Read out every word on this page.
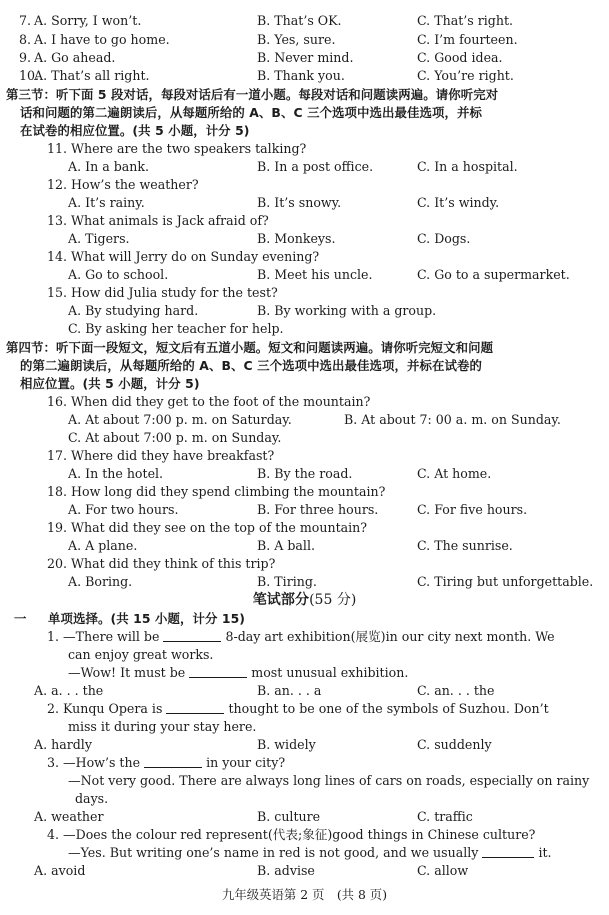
7. A. Sorry, I won’t.	B. That’s OK.	C. That’s right.
8. A. I have to go home.	B. Yes, sure.	C. I’m fourteen.
9. A. Go ahead.	B. Never mind.	C. Good idea.
10.
A. That’s all right.	B. Thank you.	C. You’re right.
第三节：听下面 5 段对话，每段对话后有一道小题。每段对话和问题读两遍。请你听完对
话和问题的第二遍朗读后，从每题所给的 A、B、C 三个选项中选出最佳选项，并标
在试卷的相应位置。(共 5 小题，计分 5)
11. Where are the two speakers talking?
A. In a bank.	B. In a post office.	C. In a hospital.
12. How’s the weather?
A. It’s rainy.	B. It’s snowy.	C. It’s windy.
13. What animals is Jack afraid of?
A. Tigers.	B. Monkeys.	C. Dogs.
14. What will Jerry do on Sunday evening?
A. Go to school.	B. Meet his uncle.	C. Go to a supermarket.
15. How did Julia study for the test?
A. By studying hard.	B. By working with a group.
C. By asking her teacher for help.
第四节：听下面一段短文，短文后有五道小题。短文和问题读两遍。请你听完短文和问题
的第二遍朗读后，从每题所给的 A、B、C 三个选项中选出最佳选项，并标在试卷的
相应位置。(共 5 小题，计分 5)
16. When did they get to the foot of the mountain?
A. At about 7:00 p. m. on Saturday.	B. At about 7: 00 a. m. on Sunday.
C. At about 7:00 p. m. on Sunday.
17. Where did they have breakfast?
A. In the hotel.	B. By the road.	C. At home.
18. How long did they spend climbing the mountain?
A. For two hours.	B. For three hours.	C. For five hours.
19. What did they see on the top of the mountain?
A. A plane.	B. A ball.	C. The sunrise.
20. What did they think of this trip?
A. Boring.	B. Tiring.	C. Tiring but unforgettable.
笔试部分(55 分)
一 单项选择。(共 15 小题，计分 15)
1. —There will be	8-day art exhibition(展览)in our city next month. We
can enjoy great works.
—Wow! It must be	most unusual exhibition.
A. a. . . the	B. an. . . a	C. an. . . the
2. Kunqu Opera is	thought to be one of the symbols of Suzhou. Don’t
miss it during your stay here.
A. hardly	B. widely	C. suddenly
3. —How’s the	in your city?
—Not very good. There are always long lines of cars on roads, especially on rainy
days.
A. weather	B. culture	C. traffic
4. —Does the colour red represent(代表;象征)good things in Chinese culture?
—Yes. But writing one’s name in red is not good, and we usually	it.
A. avoid	B. advise	C. allow
九年级英语第 2 页　(共 8 页)
